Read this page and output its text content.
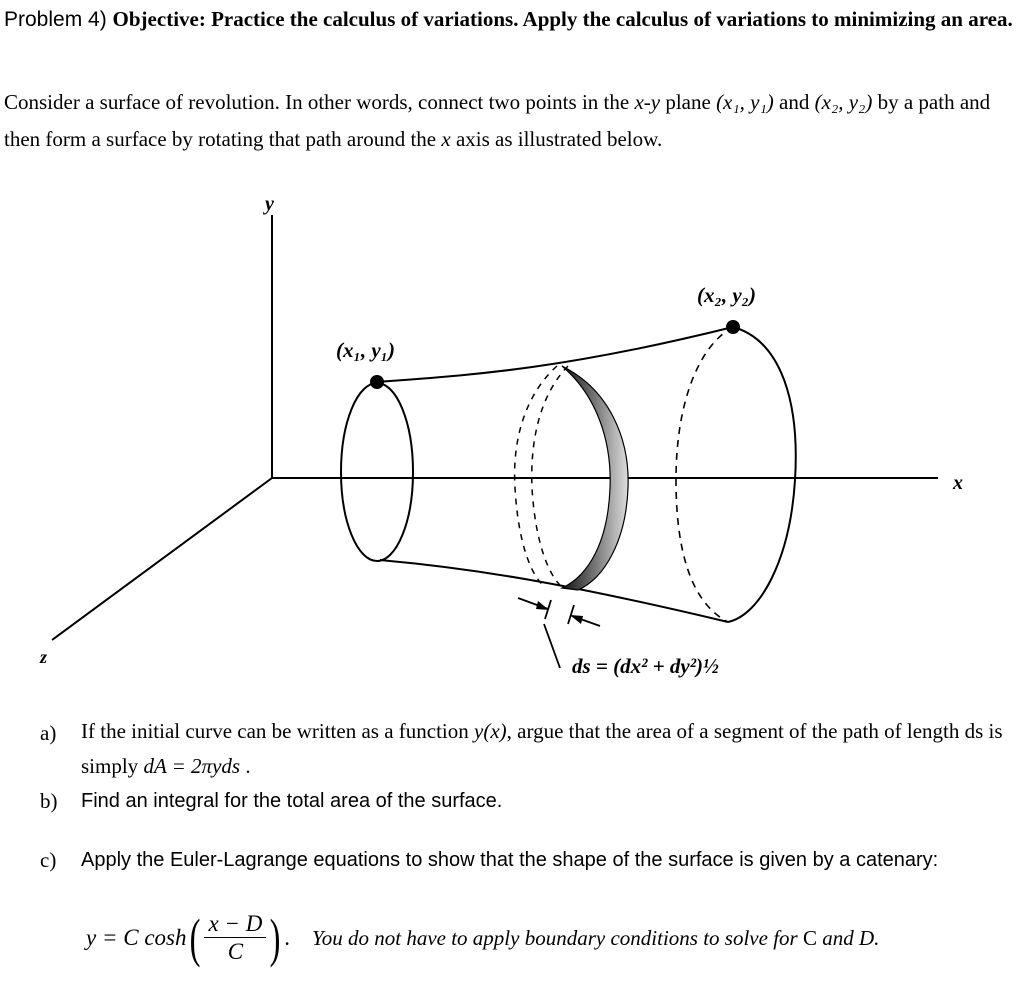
Problem 4) Objective: Practice the calculus of variations. Apply the calculus of variations to minimizing an area.
Consider a surface of revolution. In other words, connect two points in the x-y plane (x₁, y₁) and (x₂, y₂) by a path and then form a surface by rotating that path around the x axis as illustrated below.
y
x
z
(x₁, y₁)
(x₂, y₂)
ds = (dx² + dy²)½
a) If the initial curve can be written as a function y(x), argue that the area of a segment of the path of length ds is simply dA = 2πyds .
b) Find an integral for the total area of the surface.
c) Apply the Euler-Lagrange equations to show that the shape of the surface is given by a catenary:
y = C $\cosh( \frac{x - D}{C}$ ) . You do not have to apply boundary conditions to solve for C and D.
